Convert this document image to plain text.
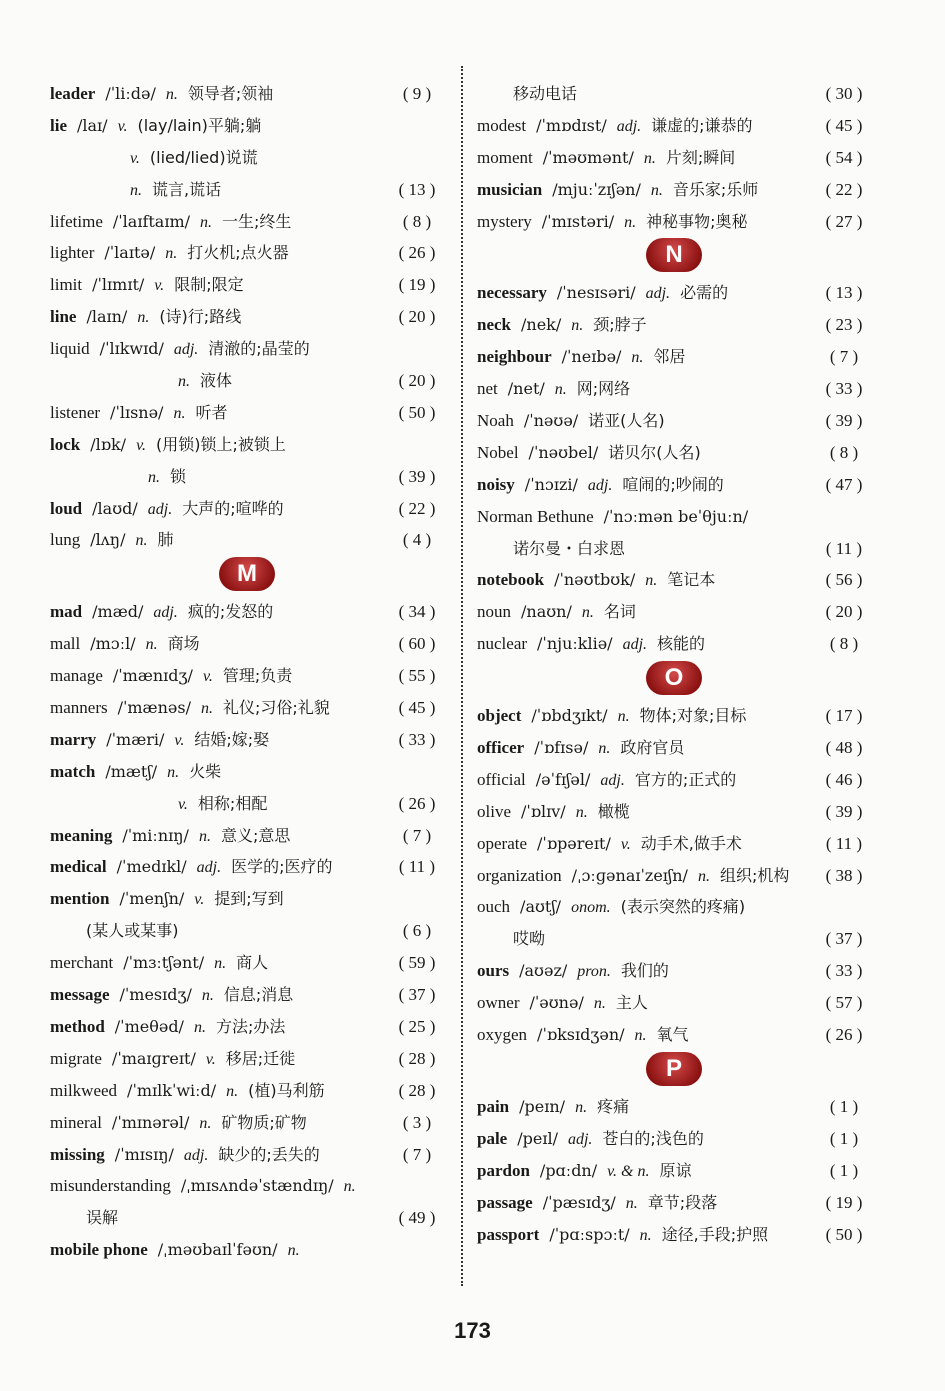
leader /ˈliːdə/ n. 领导者;领袖	( 9 )
lie /laɪ/ v. (lay/lain)平躺;躺
v. (lied/lied)说谎
n. 谎言,谎话	( 13 )
lifetime /ˈlaɪftaɪm/ n. 一生;终生	( 8 )
lighter /ˈlaɪtə/ n. 打火机;点火器	( 26 )
limit /ˈlɪmɪt/ v. 限制;限定	( 19 )
line /laɪn/ n. (诗)行;路线	( 20 )
liquid /ˈlɪkwɪd/ adj. 清澈的;晶莹的
n. 液体	( 20 )
listener /ˈlɪsnə/ n. 听者	( 50 )
lock /lɒk/ v. (用锁)锁上;被锁上
n. 锁	( 39 )
loud /laʊd/ adj. 大声的;喧哗的	( 22 )
lung /lʌŋ/ n. 肺	( 4 )
M
mad /mæd/ adj. 疯的;发怒的	( 34 )
mall /mɔːl/ n. 商场	( 60 )
manage /ˈmænɪdʒ/ v. 管理;负责	( 55 )
manners /ˈmænəs/ n. 礼仪;习俗;礼貌	( 45 )
marry /ˈmæri/ v. 结婚;嫁;娶	( 33 )
match /mætʃ/ n. 火柴
v. 相称;相配	( 26 )
meaning /ˈmiːnɪŋ/ n. 意义;意思	( 7 )
medical /ˈmedɪkl/ adj. 医学的;医疗的	( 11 )
mention /ˈmenʃn/ v. 提到;写到
(某人或某事)	( 6 )
merchant /ˈmɜːtʃənt/ n. 商人	( 59 )
message /ˈmesɪdʒ/ n. 信息;消息	( 37 )
method /ˈmeθəd/ n. 方法;办法	( 25 )
migrate /ˈmaɪɡreɪt/ v. 移居;迁徙	( 28 )
milkweed /ˈmɪlkˈwiːd/ n. (植)马利筋	( 28 )
mineral /ˈmɪnərəl/ n. 矿物质;矿物	( 3 )
missing /ˈmɪsɪŋ/ adj. 缺少的;丢失的	( 7 )
misunderstanding /ˌmɪsʌndəˈstændɪŋ/ n.
误解	( 49 )
mobile phone /ˌməʊbaɪlˈfəʊn/ n.
移动电话	( 30 )
modest /ˈmɒdɪst/ adj. 谦虚的;谦恭的	( 45 )
moment /ˈməʊmənt/ n. 片刻;瞬间	( 54 )
musician /mjuːˈzɪʃən/ n. 音乐家;乐师	( 22 )
mystery /ˈmɪstəri/ n. 神秘事物;奥秘	( 27 )
N
necessary /ˈnesɪsəri/ adj. 必需的	( 13 )
neck /nek/ n. 颈;脖子	( 23 )
neighbour /ˈneɪbə/ n. 邻居	( 7 )
net /net/ n. 网;网络	( 33 )
Noah /ˈnəʊə/ 诺亚(人名)	( 39 )
Nobel /ˈnəʊbel/ 诺贝尔(人名)	( 8 )
noisy /ˈnɔɪzi/ adj. 喧闹的;吵闹的	( 47 )
Norman Bethune /ˈnɔːmən beˈθjuːn/
诺尔曼・白求恩	( 11 )
notebook /ˈnəʊtbʊk/ n. 笔记本	( 56 )
noun /naʊn/ n. 名词	( 20 )
nuclear /ˈnjuːkliə/ adj. 核能的	( 8 )
O
object /ˈɒbdʒɪkt/ n. 物体;对象;目标	( 17 )
officer /ˈɒfɪsə/ n. 政府官员	( 48 )
official /əˈfɪʃəl/ adj. 官方的;正式的	( 46 )
olive /ˈɒlɪv/ n. 橄榄	( 39 )
operate /ˈɒpəreɪt/ v. 动手术,做手术	( 11 )
organization /ˌɔːɡənaɪˈzeɪʃn/ n. 组织;机构	( 38 )
ouch /aʊtʃ/ onom. (表示突然的疼痛)
哎呦	( 37 )
ours /aʊəz/ pron. 我们的	( 33 )
owner /ˈəʊnə/ n. 主人	( 57 )
oxygen /ˈɒksɪdʒən/ n. 氧气	( 26 )
P
pain /peɪn/ n. 疼痛	( 1 )
pale /peɪl/ adj. 苍白的;浅色的	( 1 )
pardon /pɑːdn/ v. & n. 原谅	( 1 )
passage /ˈpæsɪdʒ/ n. 章节;段落	( 19 )
passport /ˈpɑːspɔːt/ n. 途径,手段;护照	( 50 )
173
